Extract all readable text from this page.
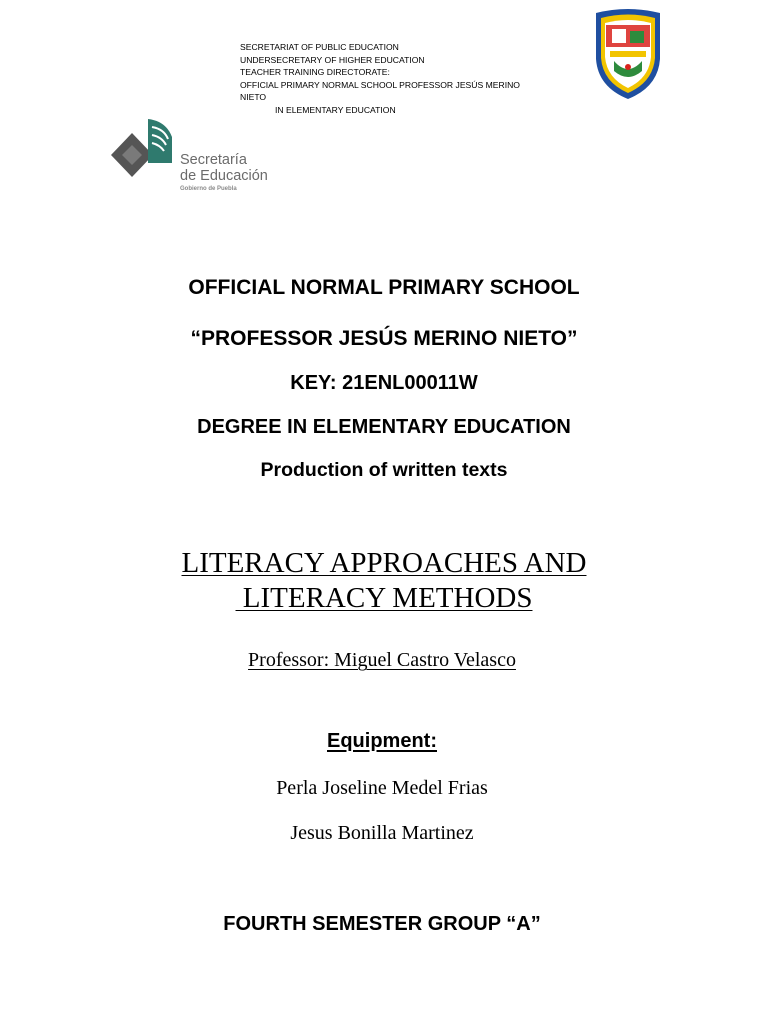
SECRETARIAT OF PUBLIC EDUCATION
UNDERSECRETARY OF HIGHER EDUCATION
TEACHER TRAINING DIRECTORATE:
OFFICIAL PRIMARY NORMAL SCHOOL PROFESSOR JESÚS MERINO
NIETO
IN ELEMENTARY EDUCATION
Secretaría
de Educación
Gobierno de Puebla
OFFICIAL NORMAL PRIMARY SCHOOL
“PROFESSOR JESÚS MERINO NIETO”
KEY: 21ENL00011W
DEGREE IN ELEMENTARY EDUCATION
Production of written texts
LITERACY APPROACHES AND
LITERACY METHODS
Professor: Miguel Castro Velasco
Equipment:
Perla Joseline Medel Frias
Jesus Bonilla Martinez
FOURTH SEMESTER GROUP “A”
